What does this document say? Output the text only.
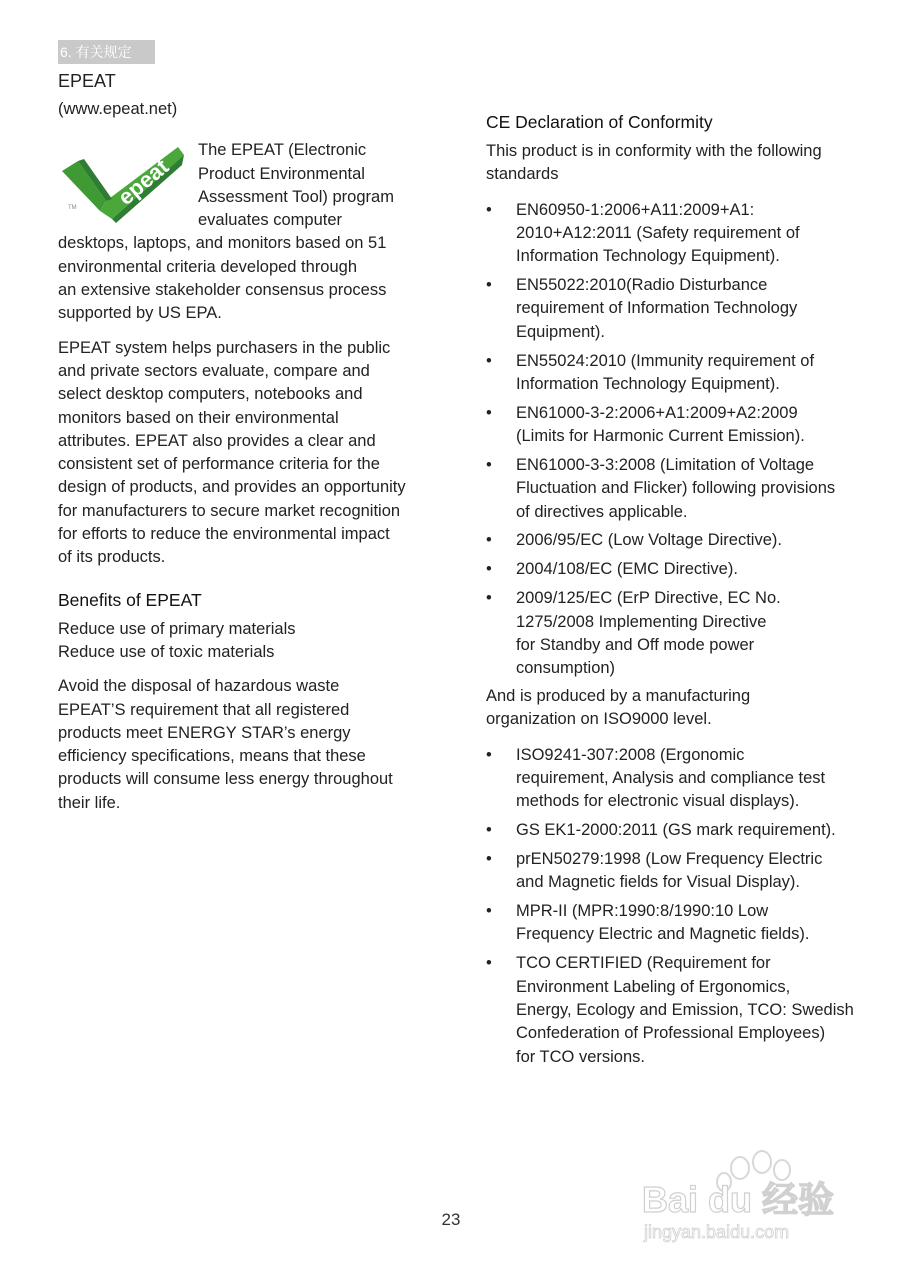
6. 有关规定

EPEAT

(www.epeat.net)

epeat
TM

The EPEAT (Electronic

Product Environmental

Assessment Tool) program

evaluates computer

desktops, laptops, and monitors based on 51

environmental criteria developed through

an extensive stakeholder consensus process

supported by US EPA.

EPEAT system helps purchasers in the public

and private sectors evaluate, compare and

select desktop computers, notebooks and

monitors based on their environmental

attributes. EPEAT also provides a clear and

consistent set of performance criteria for the

design of products, and provides an opportunity

for manufacturers to secure market recognition

for efforts to reduce the environmental impact

of its products.

Benefits of EPEAT

Reduce use of primary materials

Reduce use of toxic materials

Avoid the disposal of hazardous waste

EPEAT’S requirement that all registered

products meet ENERGY STAR’s energy

efficiency specifications, means that these

products will consume less energy throughout

their life.

CE Declaration of Conformity

This product is in conformity with the following

standards

• EN60950-1:2006+A11:2009+A1:
2010+A12:2011 (Safety requirement of
Information Technology Equipment).
• EN55022:2010(Radio Disturbance
requirement of Information Technology
Equipment).
• EN55024:2010 (Immunity requirement of
Information Technology Equipment).
• EN61000-3-2:2006+A1:2009+A2:2009
(Limits for Harmonic Current Emission).
• EN61000-3-3:2008 (Limitation of Voltage
Fluctuation and Flicker) following provisions
of directives applicable.
• 2006/95/EC (Low Voltage Directive).
• 2004/108/EC (EMC Directive).
• 2009/125/EC (ErP Directive, EC No.
1275/2008 Implementing Directive
for Standby and Off mode power
consumption)

And is produced by a manufacturing

organization on ISO9000 level.

• ISO9241-307:2008 (Ergonomic
requirement, Analysis and compliance test
methods for electronic visual displays).
• GS EK1-2000:2011 (GS mark requirement).
• prEN50279:1998 (Low Frequency Electric
and Magnetic fields for Visual Display).
• MPR-II (MPR:1990:8/1990:10 Low
Frequency Electric and Magnetic fields).
• TCO CERTIFIED (Requirement for
Environment Labeling of Ergonomics,
Energy, Ecology and Emission, TCO: Swedish
Confederation of Professional Employees)
for TCO versions.
23	Bai du 经验
jingyan.baidu.com
